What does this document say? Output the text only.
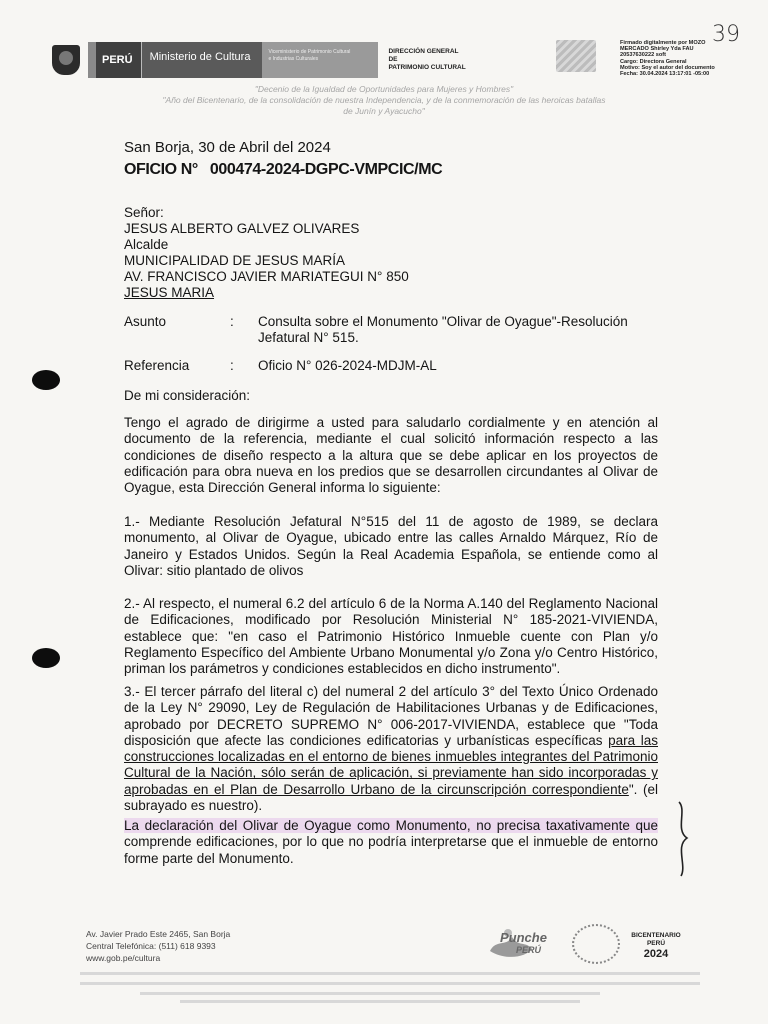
PERÚ	Ministerio de Cultura	Viceministerio de Patrimonio Cultural
e Industrias Culturales
DIRECCIÓN GENERAL DE
PATRIMONIO CULTURAL
Firmado digitalmente por MOZO
MERCADO Shirley Yda FAU
20537630222 soft
Cargo: Directora General
Motivo: Soy el autor del documento
Fecha: 30.04.2024 13:17:01 -05:00
39
"Decenio de la Igualdad de Oportunidades para Mujeres y Hombres"
"Año del Bicentenario, de la consolidación de nuestra Independencia, y de la conmemoración de las heroicas batallas
de Junín y Ayacucho"
San Borja, 30 de Abril del 2024
OFICIO N° 000474-2024-DGPC-VMPCIC/MC
Señor:
JESUS ALBERTO GALVEZ OLIVARES
Alcalde
MUNICIPALIDAD DE JESUS MARÍA
AV. FRANCISCO JAVIER MARIATEGUI N° 850
JESUS MARIA
Asunto	: Consulta sobre el Monumento "Olivar de Oyague"-Resolución Jefatural N° 515.
Referencia	: Oficio N° 026-2024-MDJM-AL
De mi consideración:
Tengo el agrado de dirigirme a usted para saludarlo cordialmente y en atención al documento de la referencia, mediante el cual solicitó información respecto a las condiciones de diseño respecto a la altura que se debe aplicar en los proyectos de edificación para obra nueva en los predios que se desarrollen circundantes al Olivar de Oyague, esta Dirección General informa lo siguiente:
1.- Mediante Resolución Jefatural N°515 del 11 de agosto de 1989, se declara monumento, al Olivar de Oyague, ubicado entre las calles Arnaldo Márquez, Río de Janeiro y Estados Unidos. Según la Real Academia Española, se entiende como al Olivar: sitio plantado de olivos
2.- Al respecto, el numeral 6.2 del artículo 6 de la Norma A.140 del Reglamento Nacional de Edificaciones, modificado por Resolución Ministerial N° 185-2021-VIVIENDA, establece que: "en caso el Patrimonio Histórico Inmueble cuente con Plan y/o Reglamento Específico del Ambiente Urbano Monumental y/o Zona y/o Centro Histórico, priman los parámetros y condiciones establecidos en dicho instrumento".
3.- El tercer párrafo del literal c) del numeral 2 del artículo 3° del Texto Único Ordenado de la Ley N° 29090, Ley de Regulación de Habilitaciones Urbanas y de Edificaciones, aprobado por DECRETO SUPREMO N° 006-2017-VIVIENDA, establece que "Toda disposición que afecte las condiciones edificatorias y urbanísticas específicas para las construcciones localizadas en el entorno de bienes inmuebles integrantes del Patrimonio Cultural de la Nación, sólo serán de aplicación, si previamente han sido incorporadas y aprobadas en el Plan de Desarrollo Urbano de la circunscripción correspondiente". (el subrayado es nuestro).
La declaración del Olivar de Oyague como Monumento, no precisa taxativamente que comprende edificaciones, por lo que no podría interpretarse que el inmueble de entorno forme parte del Monumento.
Av. Javier Prado Este 2465, San Borja
Central Telefónica: (511) 618 9393
www.gob.pe/cultura
Punche
PERÚ
BICENTENARIO
PERÚ
2024
